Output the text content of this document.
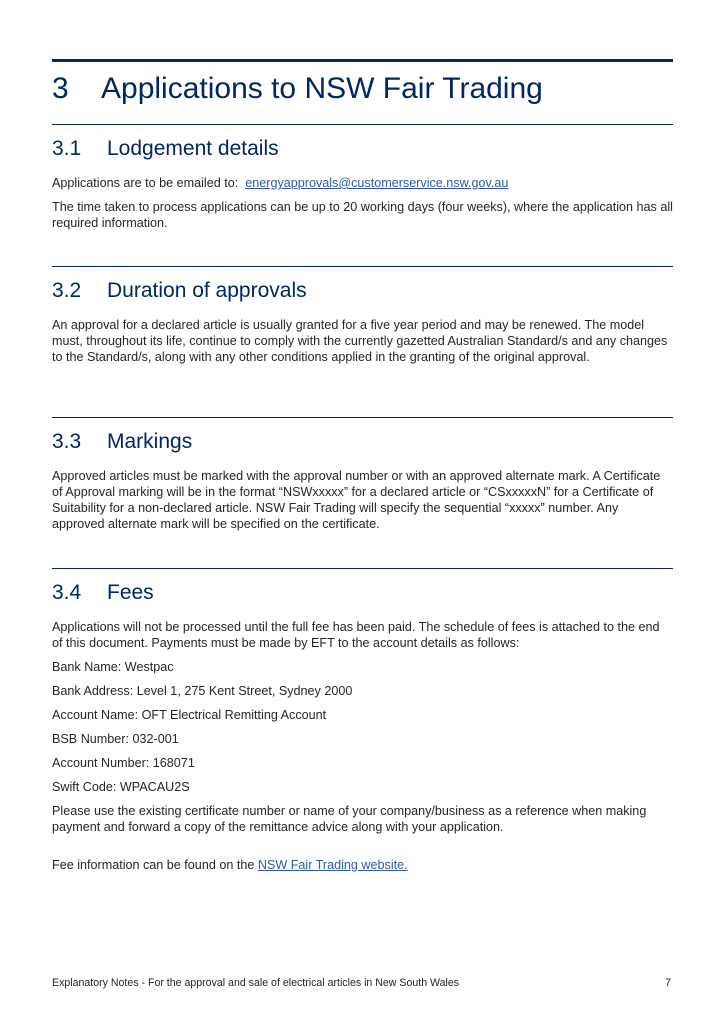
3 Applications to NSW Fair Trading
3.1 Lodgement details

Applications are to be emailed to: energyapprovals@customerservice.nsw.gov.au

The time taken to process applications can be up to 20 working days (four weeks), where the application has all required information.

3.2 Duration of approvals

An approval for a declared article is usually granted for a five year period and may be renewed. The model must, throughout its life, continue to comply with the currently gazetted Australian Standard/s and any changes to the Standard/s, along with any other conditions applied in the granting of the original approval.

3.3 Markings

Approved articles must be marked with the approval number or with an approved alternate mark. A Certificate of Approval marking will be in the format “NSWxxxxx” for a declared article or “CSxxxxxN” for a Certificate of Suitability for a non-declared article. NSW Fair Trading will specify the sequential “xxxxx” number. Any approved alternate mark will be specified on the certificate.

3.4 Fees

Applications will not be processed until the full fee has been paid. The schedule of fees is attached to the end of this document. Payments must be made by EFT to the account details as follows:

Bank Name: Westpac

Bank Address: Level 1, 275 Kent Street, Sydney 2000

Account Name: OFT Electrical Remitting Account

BSB Number: 032-001

Account Number: 168071

Swift Code: WPACAU2S

Please use the existing certificate number or name of your company/business as a reference when making payment and forward a copy of the remittance advice along with your application.

Fee information can be found on the NSW Fair Trading website.

Explanatory Notes - For the approval and sale of electrical articles in New South Wales	7
